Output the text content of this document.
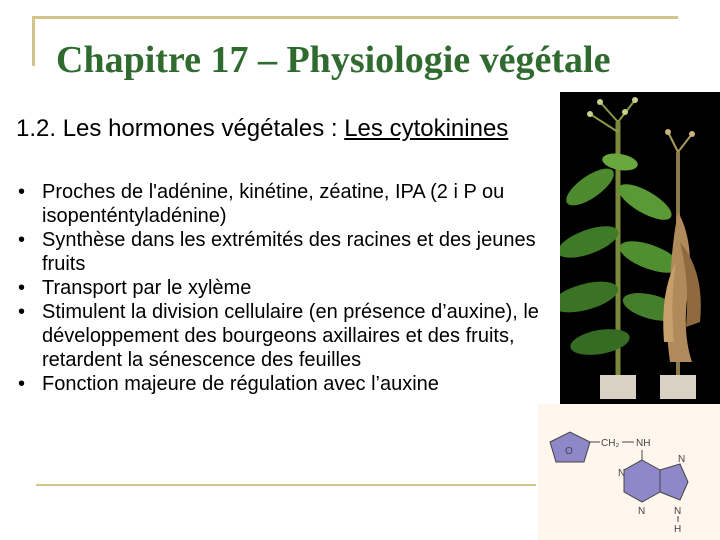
Chapitre 17 – Physiologie végétale
1.2. Les hormones végétales : Les cytokinines
• Proches de l'adénine, kinétine, zéatine, IPA (2 i P ou isopenténtyladénine)
• Synthèse dans les extrémités des racines et des jeunes fruits
• Transport par le xylème
• Stimulent la division cellulaire (en présence d’auxine), le développement des bourgeons axillaires et des fruits, retardent la sénescence des feuilles
• Fonction majeure de régulation avec l’auxine
O
CH₂ NH
N
N
N
N
H
